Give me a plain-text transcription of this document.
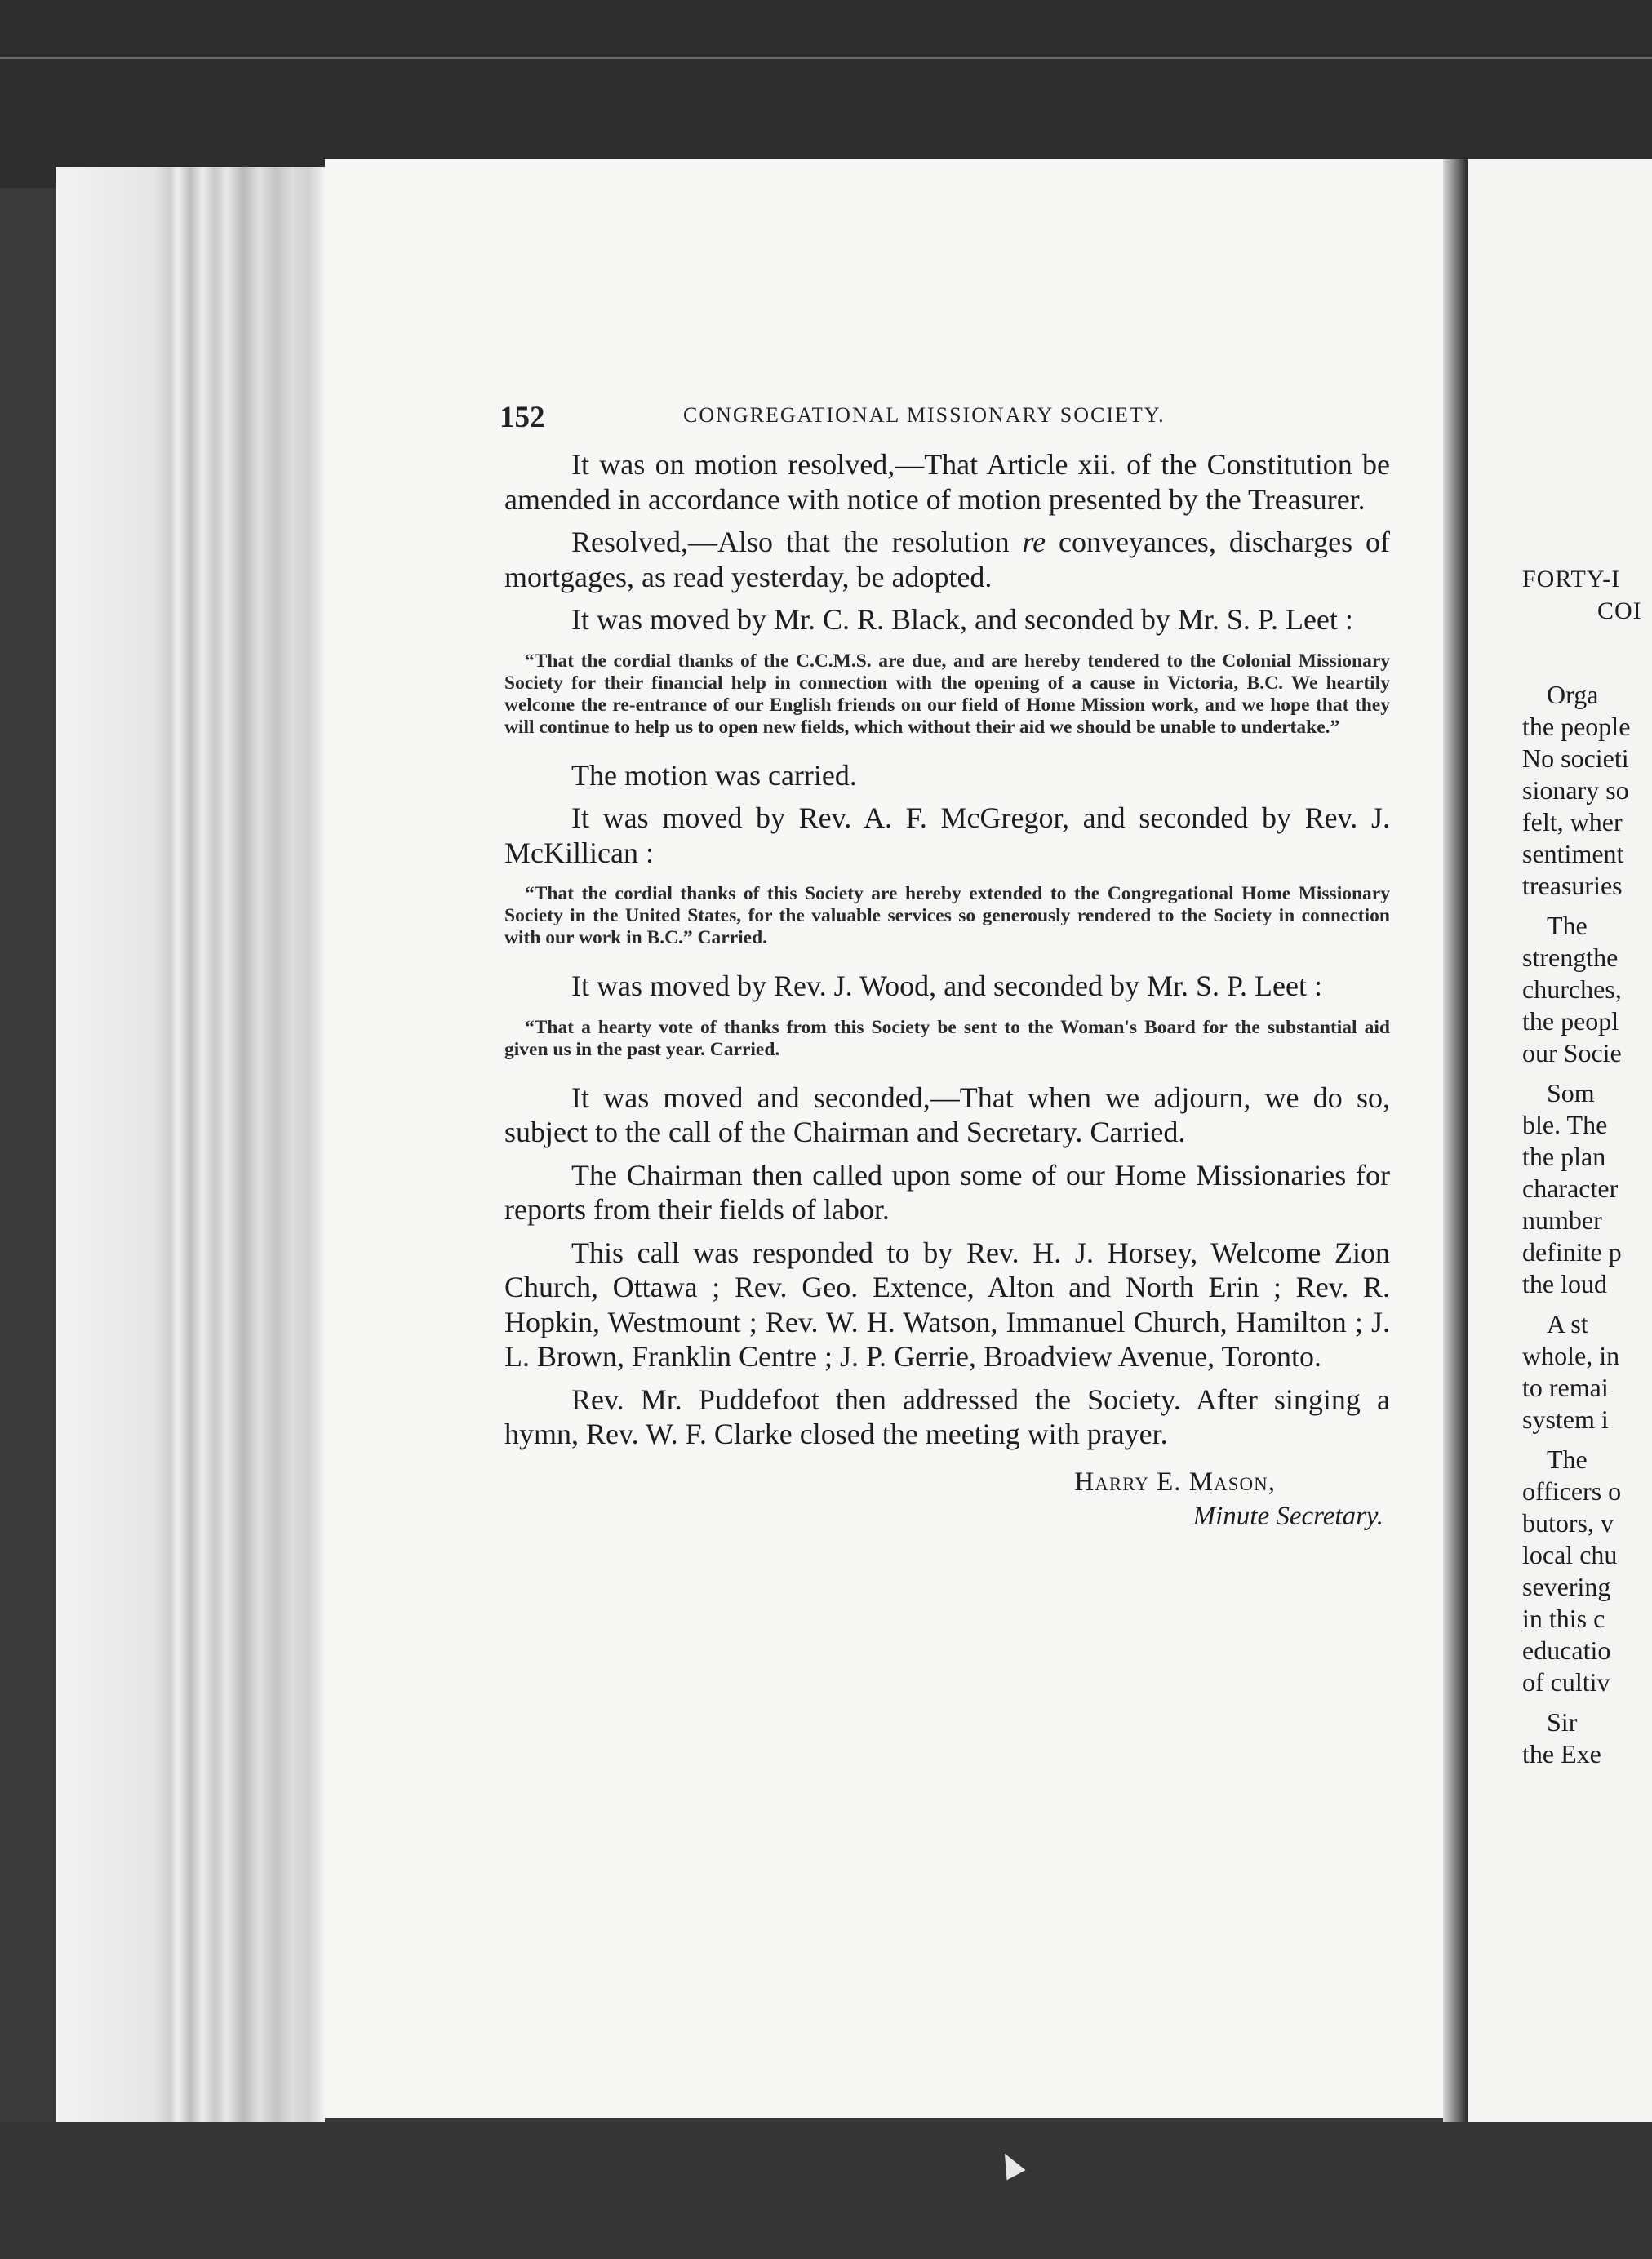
152	CONGREGATIONAL MISSIONARY SOCIETY.

It was on motion resolved,—That Article xii. of the Constitution be amended in accordance with notice of motion presented by the Treasurer.

Resolved,—Also that the resolution re conveyances, discharges of mortgages, as read yesterday, be adopted.

It was moved by Mr. C. R. Black, and seconded by Mr. S. P. Leet :

“That the cordial thanks of the C.C.M.S. are due, and are hereby tendered to the Colonial Missionary Society for their financial help in connection with the opening of a cause in Victoria, B.C. We heartily welcome the re-entrance of our English friends on our field of Home Mission work, and we hope that they will continue to help us to open new fields, which without their aid we should be unable to undertake.”

The motion was carried.

It was moved by Rev. A. F. McGregor, and seconded by Rev. J. McKillican :

“That the cordial thanks of this Society are hereby extended to the Congregational Home Missionary Society in the United States, for the valuable services so generously rendered to the Society in connection with our work in B.C.” Carried.

It was moved by Rev. J. Wood, and seconded by Mr. S. P. Leet :

“That a hearty vote of thanks from this Society be sent to the Woman's Board for the substantial aid given us in the past year. Carried.

It was moved and seconded,—That when we adjourn, we do so, subject to the call of the Chairman and Secretary. Carried.

The Chairman then called upon some of our Home Missionaries for reports from their fields of labor.

This call was responded to by Rev. H. J. Horsey, Welcome Zion Church, Ottawa ; Rev. Geo. Extence, Alton and North Erin ; Rev. R. Hopkin, Westmount ; Rev. W. H. Watson, Immanuel Church, Hamilton ; J. L. Brown, Franklin Centre ; J. P. Gerrie, Broadview Avenue, Toronto.

Rev. Mr. Puddefoot then addressed the Society. After singing a hymn, Rev. W. F. Clarke closed the meeting with prayer.

Harry E. Mason,
Minute Secretary.
FORTY-I
COI
Orga
the people
No societi
sionary so
felt, wher
sentiment
treasuries
The
strengthe
churches,
the peopl
our Socie
Som
ble. The
the plan
character
number
definite p
the loud
A st
whole, in
to remai
system i
The
officers o
butors, v
local chu
severing
in this c
educatio
of cultiv
Sir
the Exe
